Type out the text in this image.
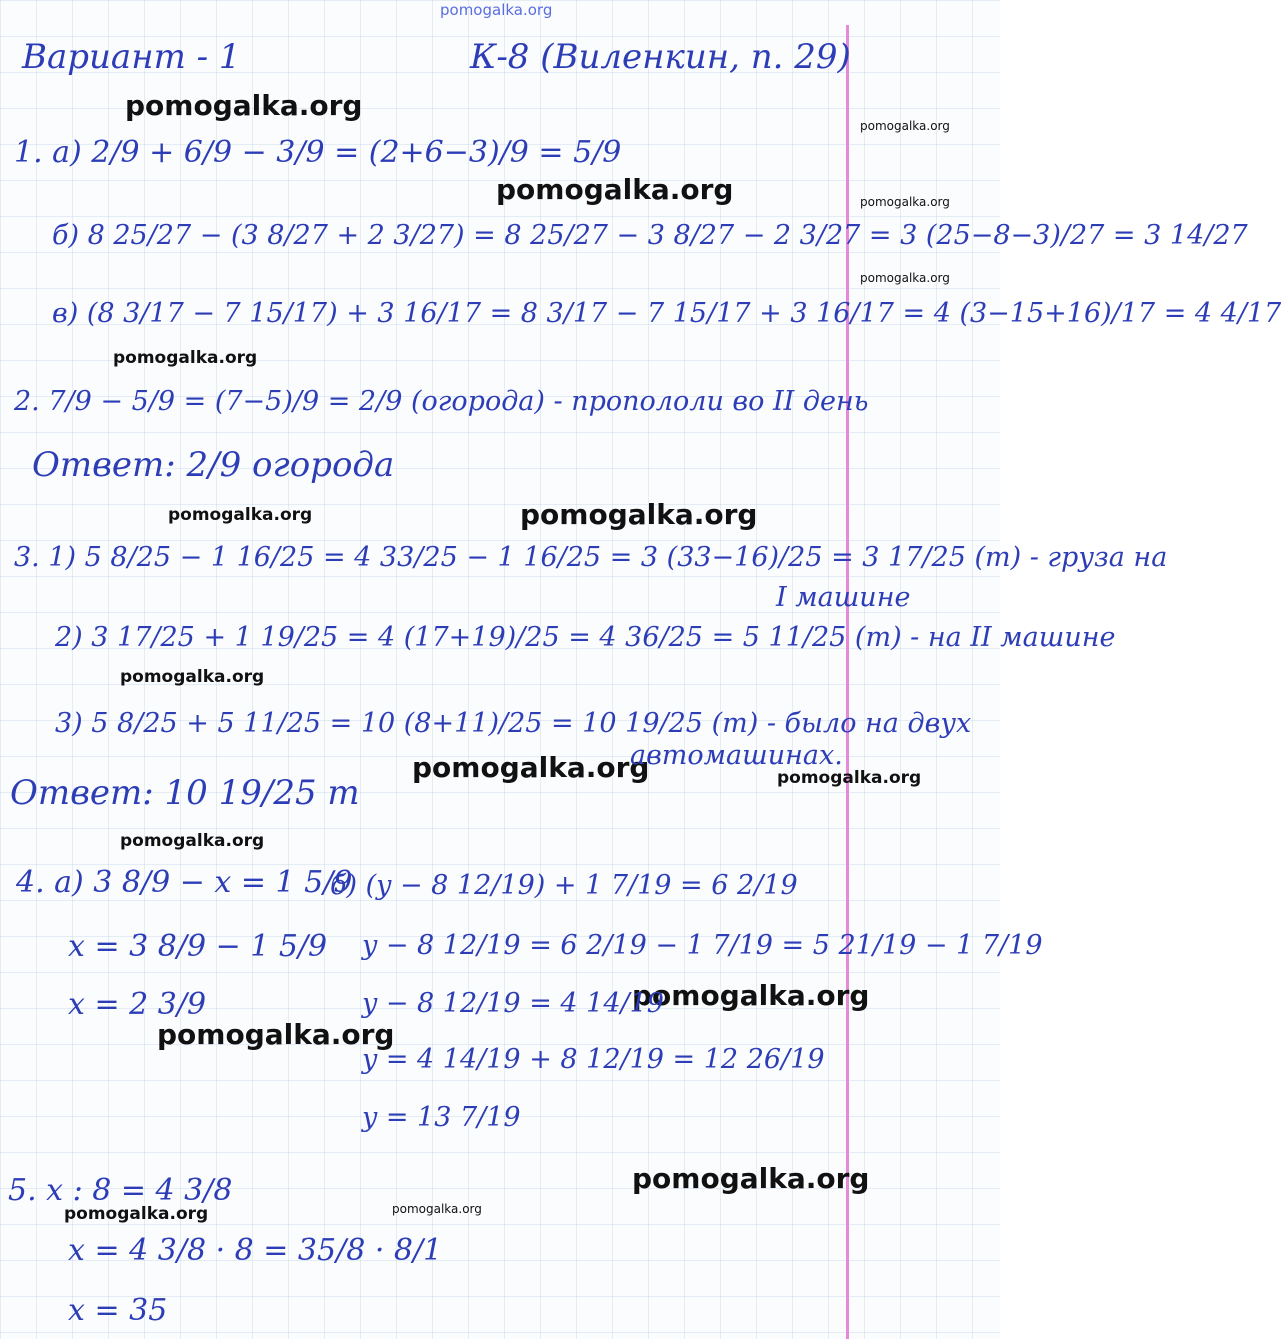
pomogalka.org
pomogalka.org
pomogalka.org
pomogalka.org	pomogalka.org
pomogalka.org
pomogalka.org
pomogalka.org	pomogalka.org
pomogalka.org
pomogalka.org	pomogalka.org
pomogalka.org
pomogalka.org
pomogalka.org
pomogalka.org
pomogalka.org	pomogalka.org
Вариант - 1	К-8 (Виленкин, п. 29)
1. а) 2/9 + 6/9 − 3/9 = (2+6−3)/9 = 5/9
б) 8 25/27 − (3 8/27 + 2 3/27) = 8 25/27 − 3 8/27 − 2 3/27 = 3 (25−8−3)/27 = 3 14/27
в) (8 3/17 − 7 15/17) + 3 16/17 = 8 3/17 − 7 15/17 + 3 16/17 = 4 (3−15+16)/17 = 4 4/17
2. 7/9 − 5/9 = (7−5)/9 = 2/9 (огорода) - пропололи во II день
Ответ: 2/9 огорода
3. 1) 5 8/25 − 1 16/25 = 4 33/25 − 1 16/25 = 3 (33−16)/25 = 3 17/25 (т) - груза на
I машине
2) 3 17/25 + 1 19/25 = 4 (17+19)/25 = 4 36/25 = 5 11/25 (т) - на II машине
3) 5 8/25 + 5 11/25 = 10 (8+11)/25 = 10 19/25 (т) - было на двух
автомашинах.
Ответ: 10 19/25 т
4. а) 3 8/9 − x = 1 5/9
x = 3 8/9 − 1 5/9
x = 2 3/9
б) (y − 8 12/19) + 1 7/19 = 6 2/19
y − 8 12/19 = 6 2/19 − 1 7/19 = 5 21/19 − 1 7/19
y − 8 12/19 = 4 14/19
y = 4 14/19 + 8 12/19 = 12 26/19
y = 13 7/19
5. x : 8 = 4 3/8
x = 4 3/8 · 8 = 35/8 · 8/1
x = 35
